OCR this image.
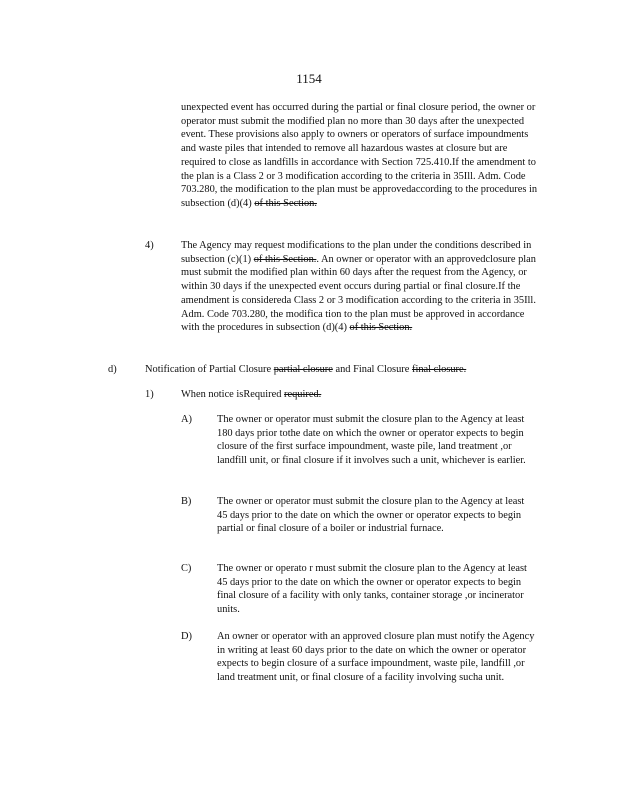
1154
unexpected event has occurred during the partial or final closure period, the owner or operator must submit the modified plan no more than 30 days after the unexpected event. These provisions also apply to owners or operators of surface impoundments and waste piles that intended to remove all hazardous wastes at closure but are required to close as landfills in accordance with Section 725.410.If the amendment to the plan is a Class 2 or 3 modification according to the criteria in 35Ill. Adm. Code 703.280, the modification to the plan must be approvedaccording to the procedures in subsection (d)(4) of this Section.
4)	The Agency may request modifications to the plan under the conditions described in subsection (c)(1) of this Section.. An owner or operator with an approvedclosure plan must submit the modified plan within 60 days after the request from the Agency, or within 30 days if the unexpected event occurs during partial or final closure.If the amendment is considereda Class 2 or 3 modification according to the criteria in 35Ill. Adm. Code 703.280, the modifica tion to the plan must be approved in accordance with the procedures in subsection (d)(4) of this Section.
d)	Notification of Partial Closure partial closure and Final Closure final closure.
1)	When notice isRequired required.
A) The owner or operator must submit the closure plan to the Agency at least 180 days prior tothe date on which the owner or operator expects to begin closure of the first surface impoundment, waste pile, land treatment ,or landfill unit, or final closure if it involves such a unit, whichever is earlier.
B) The owner or operator must submit the closure plan to the Agency at least 45 days prior to the date on which the owner or operator expects to begin partial or final closure of a boiler or industrial furnace.
C) The owner or operato r must submit the closure plan to the Agency at least 45 days prior to the date on which the owner or operator expects to begin final closure of a facility with only tanks, container storage ,or incinerator units.
D) An owner or operator with an approved closure plan must notify the Agency in writing at least 60 days prior to the date on which the owner or operator expects to begin closure of a surface impoundment, waste pile, landfill ,or land treatment unit, or final closure of a facility involving sucha unit.
